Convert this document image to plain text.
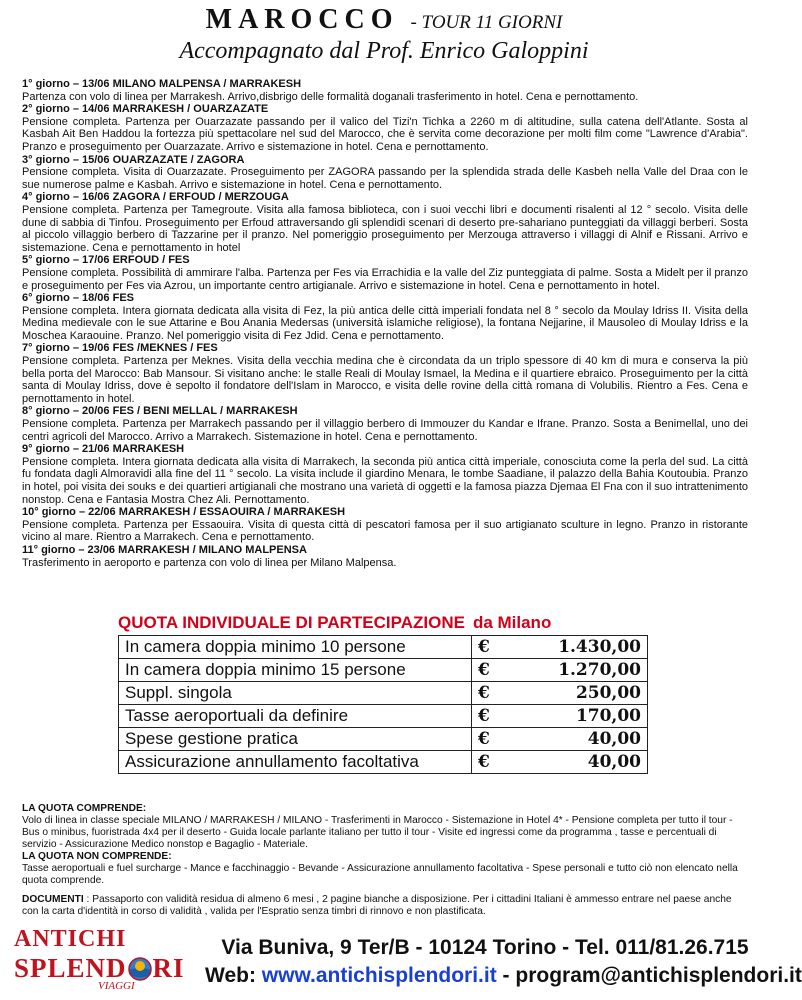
MAROCCO - TOUR 11 GIORNI
Accompagnato dal Prof. Enrico Galoppini
1° giorno – 13/06 MILANO MALPENSA / MARRAKESH
Partenza con volo di linea per Marrakesh. Arrivo,disbrigo delle formalità doganali trasferimento in hotel. Cena e pernottamento.
2° giorno – 14/06 MARRAKESH / OUARZAZATE
Pensione completa. Partenza per Ouarzazate passando per il valico del Tizi'n Tichka a 2260 m di altitudine, sulla catena dell'Atlante. Sosta al Kasbah Ait Ben Haddou la fortezza più spettacolare nel sud del Marocco, che è servita come decorazione per molti film come "Lawrence d'Arabia". Pranzo e proseguimento per Ouarzazate. Arrivo e sistemazione in hotel. Cena e pernottamento.
3° giorno – 15/06 OUARZAZATE / ZAGORA
Pensione completa. Visita di Ouarzazate. Proseguimento per ZAGORA passando per la splendida strada delle Kasbeh nella Valle del Draa con le sue numerose palme e Kasbah. Arrivo e sistemazione in hotel. Cena e pernottamento.
4° giorno – 16/06 ZAGORA / ERFOUD / MERZOUGA
Pensione completa. Partenza per Tamegroute. Visita alla famosa biblioteca, con i suoi vecchi libri e documenti risalenti al 12 ° secolo. Visita delle dune di sabbia di Tinfou. Proseguimento per Erfoud attraversando gli splendidi scenari di deserto pre-sahariano punteggiati da villaggi berberi. Sosta al piccolo villaggio berbero di Tazzarine per il pranzo. Nel pomeriggio proseguimento per Merzouga attraverso i villaggi di Alnif e Rissani. Arrivo e sistemazione. Cena e pernottamento in hotel
5° giorno – 17/06 ERFOUD / FES
Pensione completa. Possibilità di ammirare l'alba. Partenza per Fes via Errachidia e la valle del Ziz punteggiata di palme. Sosta a Midelt per il pranzo e proseguimento per Fes via Azrou, un importante centro artigianale. Arrivo e sistemazione in hotel. Cena e pernottamento in hotel.
6° giorno – 18/06 FES
Pensione completa. Intera giornata dedicata alla visita di Fez, la più antica delle città imperiali fondata nel 8 ° secolo da Moulay Idriss II. Visita della Medina medievale con le sue Attarine e Bou Anania Medersas (università islamiche religiose), la fontana Nejjarine, il Mausoleo di Moulay Idriss e la Moschea Karaouine. Pranzo. Nel pomeriggio visita di Fez Jdid. Cena e pernottamento.
7° giorno – 19/06 FES /MEKNES / FES
Pensione completa. Partenza per Meknes. Visita della vecchia medina che è circondata da un triplo spessore di 40 km di mura e conserva la più bella porta del Marocco: Bab Mansour. Si visitano anche: le stalle Reali di Moulay Ismael, la Medina e il quartiere ebraico. Proseguimento per la città santa di Moulay Idriss, dove è sepolto il fondatore dell'Islam in Marocco, e visita delle rovine della città romana di Volubilis. Rientro a Fes. Cena e pernottamento in hotel.
8° giorno – 20/06 FES / BENI MELLAL / MARRAKESH
Pensione completa. Partenza per Marrakech passando per il villaggio berbero di Immouzer du Kandar e Ifrane. Pranzo. Sosta a Benimellal, uno dei centri agricoli del Marocco. Arrivo a Marrakech. Sistemazione in hotel. Cena e pernottamento.
9° giorno – 21/06 MARRAKESH
Pensione completa. Intera giornata dedicata alla visita di Marrakech, la seconda più antica città imperiale, conosciuta come la perla del sud. La città fu fondata dagli Almoravidi alla fine del 11 ° secolo. La visita include il giardino Menara, le tombe Saadiane, il palazzo della Bahia Koutoubia. Pranzo in hotel, poi visita dei souks e dei quartieri artigianali che mostrano una varietà di oggetti e la famosa piazza Djemaa El Fna con il suo intrattenimento nonstop. Cena e Fantasia Mostra Chez Ali. Pernottamento.
10° giorno – 22/06 MARRAKESH / ESSAOUIRA / MARRAKESH
Pensione completa. Partenza per Essaouira. Visita di questa città di pescatori famosa per il suo artigianato sculture in legno. Pranzo in ristorante vicino al mare. Rientro a Marrakech. Cena e pernottamento.
11° giorno – 23/06 MARRAKESH / MILANO MALPENSA
Trasferimento in aeroporto e partenza con volo di linea per Milano Malpensa.
QUOTA INDIVIDUALE DI PARTECIPAZIONE da Milano
In camera doppia minimo 10 persone	€ 1.430,00

In camera doppia minimo 15 persone	€ 1.270,00

Suppl. singola	€ 250,00

Tasse aeroportuali da definire	€ 170,00

Spese gestione pratica	€ 40,00

Assicurazione annullamento facoltativa	€ 40,00
LA QUOTA COMPRENDE:
Volo di linea in classe speciale MILANO / MARRAKESH / MILANO - Trasferimenti in Marocco - Sistemazione in Hotel 4* - Pensione completa per tutto il tour - Bus o minibus, fuoristrada 4x4 per il deserto - Guida locale parlante italiano per tutto il tour - Visite ed ingressi come da programma , tasse e percentuali di servizio - Assicurazione Medico nonstop e Bagaglio - Materiale.
LA QUOTA NON COMPRENDE:
Tasse aeroportuali e fuel surcharge - Mance e facchinaggio - Bevande - Assicurazione annullamento facoltativa - Spese personali e tutto ciò non elencato nella quota comprende.
DOCUMENTI : Passaporto con validità residua di almeno 6 mesi , 2 pagine bianche a disposizione. Per i cittadini Italiani è ammesso entrare nel paese anche con la carta d'identità in corso di validità , valida per l'Espratio senza timbri di rinnovo e non plastificata.
ANTICHI
SPLEND RI
VIAGGI
Via Buniva, 9 Ter/B - 10124 Torino - Tel. 011/81.26.715
Web: www.antichisplendori.it - program@antichisplendori.it
